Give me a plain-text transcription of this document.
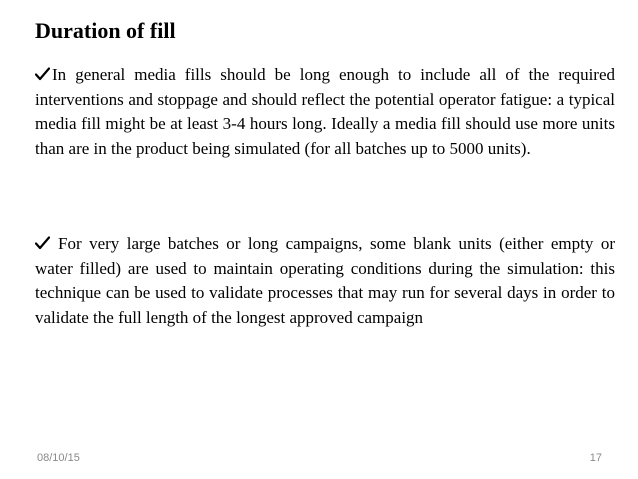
Duration of fill
In general media fills should be long enough to include all of the required interventions and stoppage and should reflect the potential operator fatigue: a typical media fill might be at least 3-4 hours long. Ideally a media fill should use more units than are in the product being simulated (for all batches up to 5000 units).
For very large batches or long campaigns, some blank units (either empty or water filled) are used to maintain operating conditions during the simulation: this technique can be used to validate processes that may run for several days in order to validate the full length of the longest approved campaign
08/10/15	17
